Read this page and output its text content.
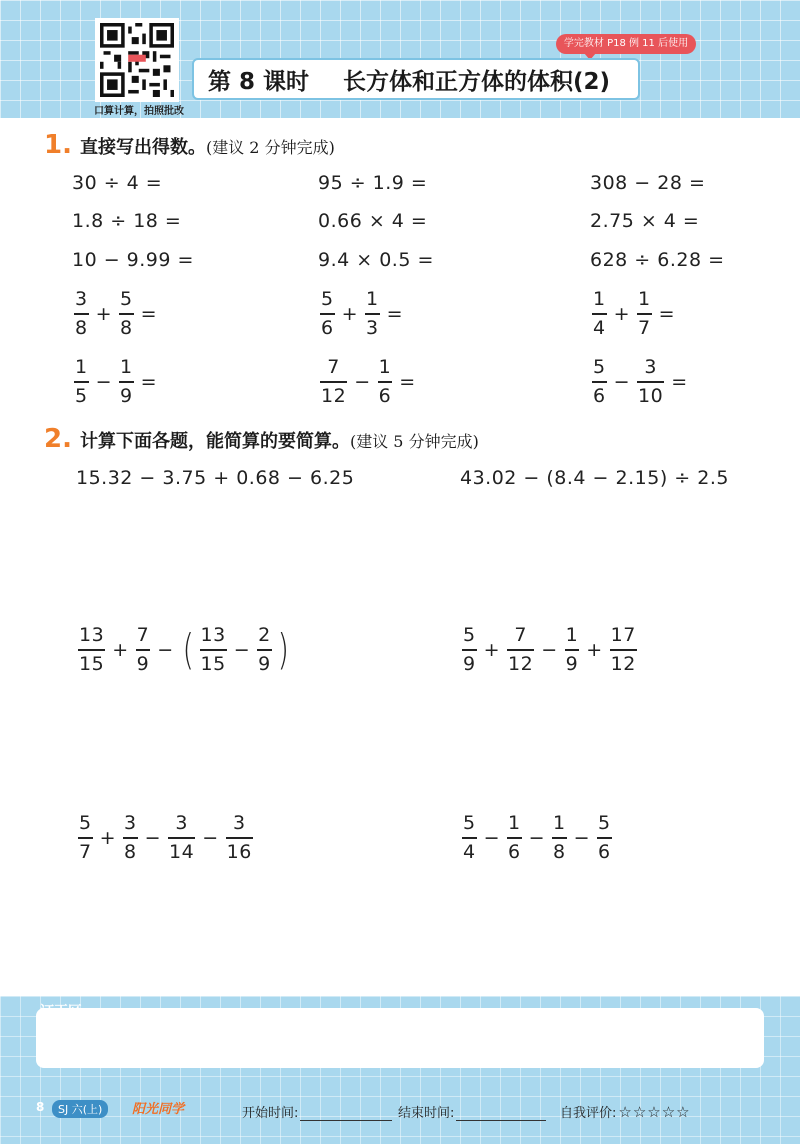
口算计算，拍照批改
学完教材 P18 例 11 后使用
第 8 课时 长方体和正方体的体积(2)
1. 直接写出得数。 (建议 2 分钟完成)
30 ÷ 4 =	95 ÷ 1.9 =	308 − 28 =
1.8 ÷ 18 =	0.66 × 4 =	2.75 × 4 =
10 − 9.99 =	9.4 × 0.5 =	628 ÷ 6.28 =
$\frac{3}{8} + \frac{5}{8}$ =	$\frac{5}{6} + \frac{1}{3}$ =	$\frac{1}{4} + \frac{1}{7}$ =
$\frac{1}{5} - \frac{1}{9}$ =	$\frac{7}{12} - \frac{1}{6}$ =	$\frac{5}{6} - \frac{3}{10}$ =
2. 计算下面各题，能简算的要简算。 (建议 5 分钟完成)
15.32 − 3.75 + 0.68 − 6.25	43.02 − (8.4 − 2.15) ÷ 2.5
$\frac{13}{15} + \frac{7}{9}$ − ( $\frac{13}{15} - \frac{2}{9}$ )	$\frac{5}{9} + \frac{7}{12} - \frac{1}{9} + \frac{17}{12}$
$\frac{5}{7} + \frac{3}{8} - \frac{3}{14} - \frac{3}{16}$	$\frac{5}{4} - \frac{1}{6} - \frac{1}{8} - \frac{5}{6}$
订正区
8	SJ 六(上)	阳光同学	开始时间:	结束时间:	自我评价: ☆☆☆☆☆
